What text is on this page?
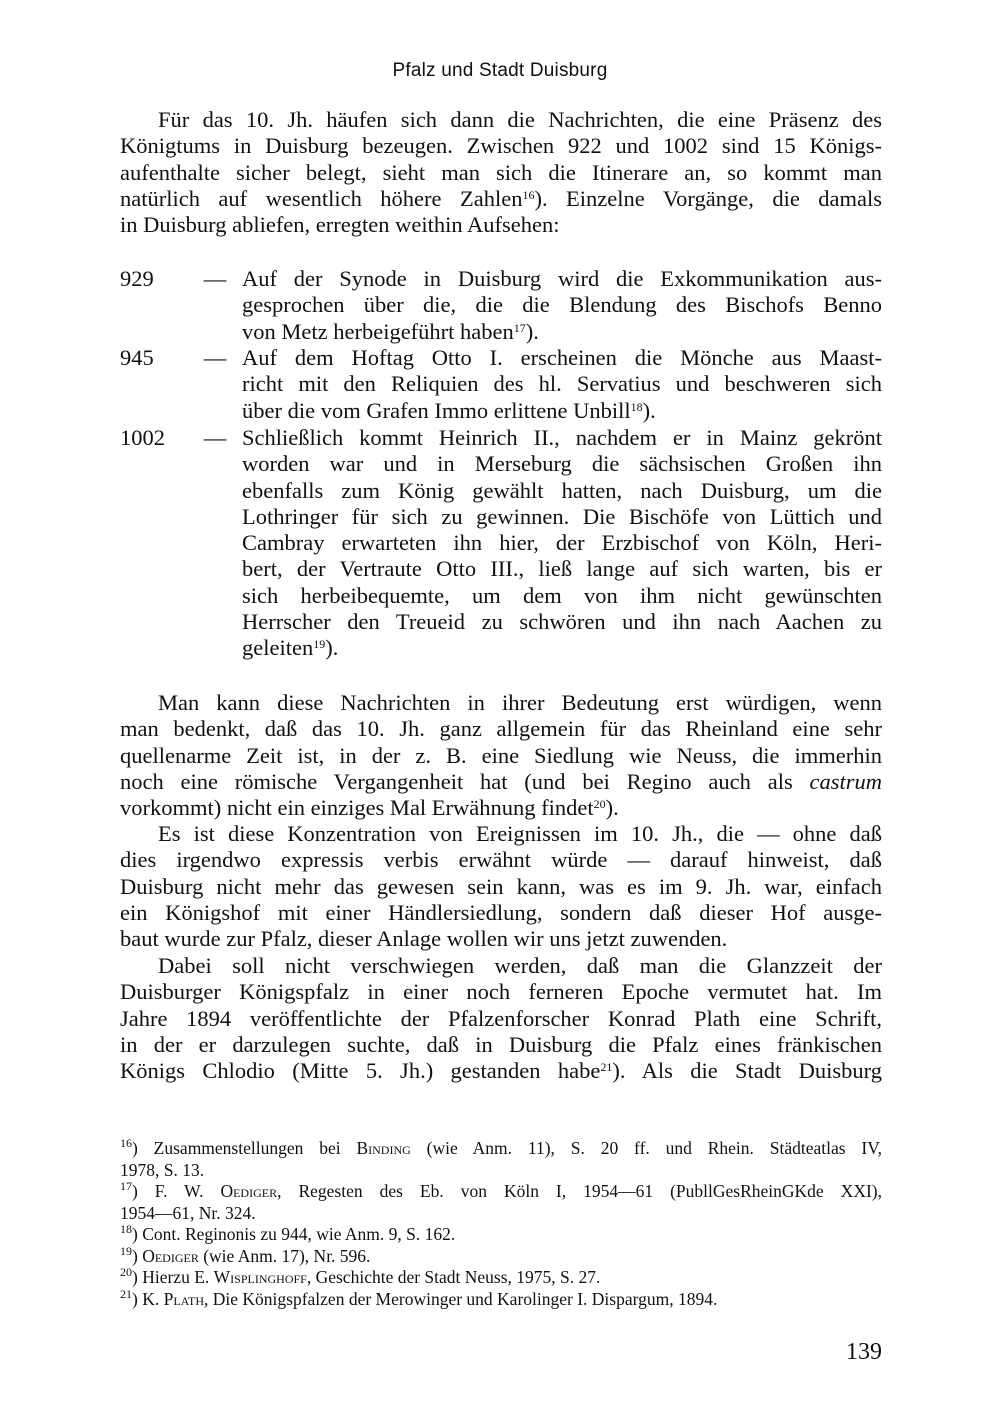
Pfalz und Stadt Duisburg
Für das 10. Jh. häufen sich dann die Nachrichten, die eine Präsenz des
Königtums in Duisburg bezeugen. Zwischen 922 und 1002 sind 15 Königs-
aufenthalte sicher belegt, sieht man sich die Itinerare an, so kommt man
natürlich auf wesentlich höhere Zahlen$^{16}$). Einzelne Vorgänge, die damals
in Duisburg abliefen, erregten weithin Aufsehen:
929	— Auf der Synode in Duisburg wird die Exkommunikation aus-
gesprochen über die, die die Blendung des Bischofs Benno
von Metz herbeigeführt haben$^{17}$).
945	— Auf dem Hoftag Otto I. erscheinen die Mönche aus Maast-
richt mit den Reliquien des hl. Servatius und beschweren sich
über die vom Grafen Immo erlittene Unbill$^{18}$).
1002	— Schließlich kommt Heinrich II., nachdem er in Mainz gekrönt
worden war und in Merseburg die sächsischen Großen ihn
ebenfalls zum König gewählt hatten, nach Duisburg, um die
Lothringer für sich zu gewinnen. Die Bischöfe von Lüttich und
Cambray erwarteten ihn hier, der Erzbischof von Köln, Heri-
bert, der Vertraute Otto III., ließ lange auf sich warten, bis er
sich herbeibequemte, um dem von ihm nicht gewünschten
Herrscher den Treueid zu schwören und ihn nach Aachen zu
geleiten$^{19}$).
Man kann diese Nachrichten in ihrer Bedeutung erst würdigen, wenn
man bedenkt, daß das 10. Jh. ganz allgemein für das Rheinland eine sehr
quellenarme Zeit ist, in der z. B. eine Siedlung wie Neuss, die immerhin
noch eine römische Vergangenheit hat (und bei Regino auch als castrum
vorkommt) nicht ein einziges Mal Erwähnung findet$^{20}$).
Es ist diese Konzentration von Ereignissen im 10. Jh., die — ohne daß
dies irgendwo expressis verbis erwähnt würde — darauf hinweist, daß
Duisburg nicht mehr das gewesen sein kann, was es im 9. Jh. war, einfach
ein Königshof mit einer Händlersiedlung, sondern daß dieser Hof ausge-
baut wurde zur Pfalz, dieser Anlage wollen wir uns jetzt zuwenden.
Dabei soll nicht verschwiegen werden, daß man die Glanzzeit der
Duisburger Königspfalz in einer noch ferneren Epoche vermutet hat. Im
Jahre 1894 veröffentlichte der Pfalzenforscher Konrad Plath eine Schrift,
in der er darzulegen suchte, daß in Duisburg die Pfalz eines fränkischen
Königs Chlodio (Mitte 5. Jh.) gestanden habe$^{21}$). Als die Stadt Duisburg
$^{16}$) Zusammenstellungen bei Binding (wie Anm. 11), S. 20 ff. und Rhein. Städteatlas IV,
1978, S. 13.
$^{17}$) F. W. Oediger, Regesten des Eb. von Köln I, 1954—61 (PubllGesRheinGKde XXI),
1954—61, Nr. 324.
$^{18}$) Cont. Reginonis zu 944, wie Anm. 9, S. 162.
$^{19}$) Oediger (wie Anm. 17), Nr. 596.
$^{20}$) Hierzu E. Wisplinghoff, Geschichte der Stadt Neuss, 1975, S. 27.
$^{21}$) K. Plath, Die Königspfalzen der Merowinger und Karolinger I. Dispargum, 1894.
139
